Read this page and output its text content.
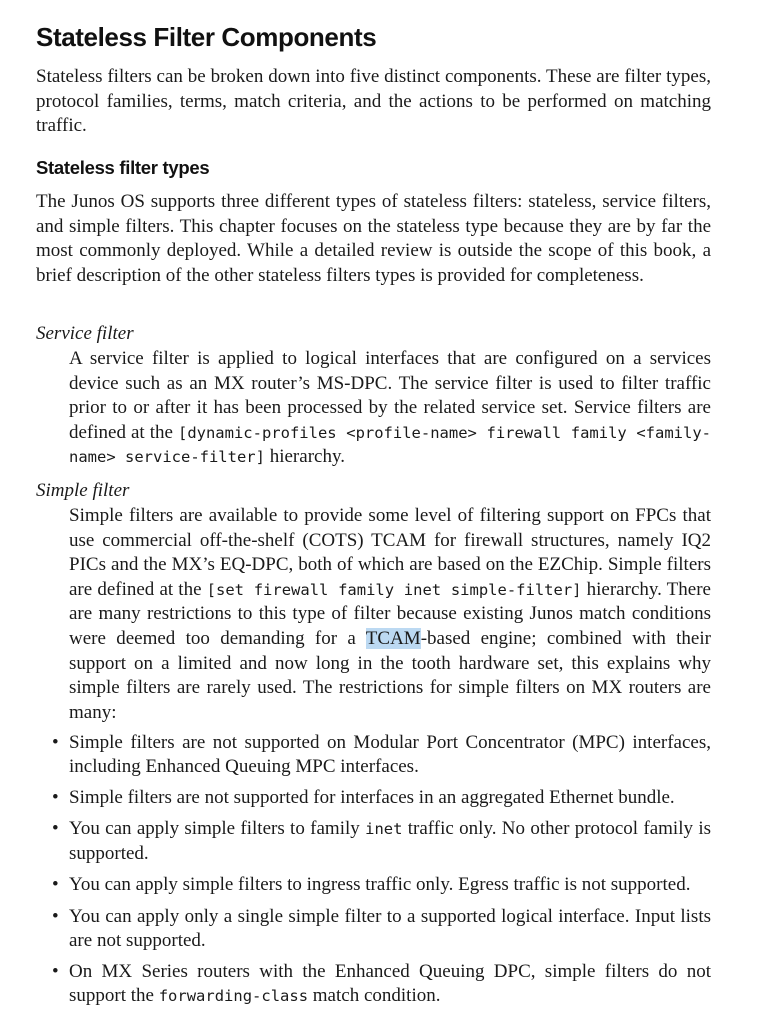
Stateless Filter Components

Stateless filters can be broken down into five distinct components. These are filter types, protocol families, terms, match criteria, and the actions to be performed on matching traffic.

Stateless filter types

The Junos OS supports three different types of stateless filters: stateless, service filters, and simple filters. This chapter focuses on the stateless type because they are by far the most commonly deployed. While a detailed review is outside the scope of this book, a brief description of the other stateless filters types is provided for completeness.

Service filter

A service filter is applied to logical interfaces that are configured on a services device such as an MX router’s MS-DPC. The service filter is used to filter traffic prior to or after it has been processed by the related service set. Service filters are defined at the [dynamic-profiles <profile-name> firewall family <family-name> service-filter] hierarchy.

Simple filter

Simple filters are available to provide some level of filtering support on FPCs that use commercial off-the-shelf (COTS) TCAM for firewall structures, namely IQ2 PICs and the MX’s EQ-DPC, both of which are based on the EZChip. Simple filters are defined at the [set firewall family inet simple-filter] hierarchy. There are many restrictions to this type of filter because existing Junos match conditions were deemed too demanding for a TCAM-based engine; combined with their support on a limited and now long in the tooth hardware set, this explains why simple filters are rarely used. The restrictions for simple filters on MX routers are many:

• Simple filters are not supported on Modular Port Concentrator (MPC) interfaces, including Enhanced Queuing MPC interfaces.
• Simple filters are not supported for interfaces in an aggregated Ethernet bundle.
• You can apply simple filters to family inet traffic only. No other protocol family is supported.
• You can apply simple filters to ingress traffic only. Egress traffic is not supported.
• You can apply only a single simple filter to a supported logical interface. Input lists are not supported.
• On MX Series routers with the Enhanced Queuing DPC, simple filters do not support the forwarding-class match condition.
